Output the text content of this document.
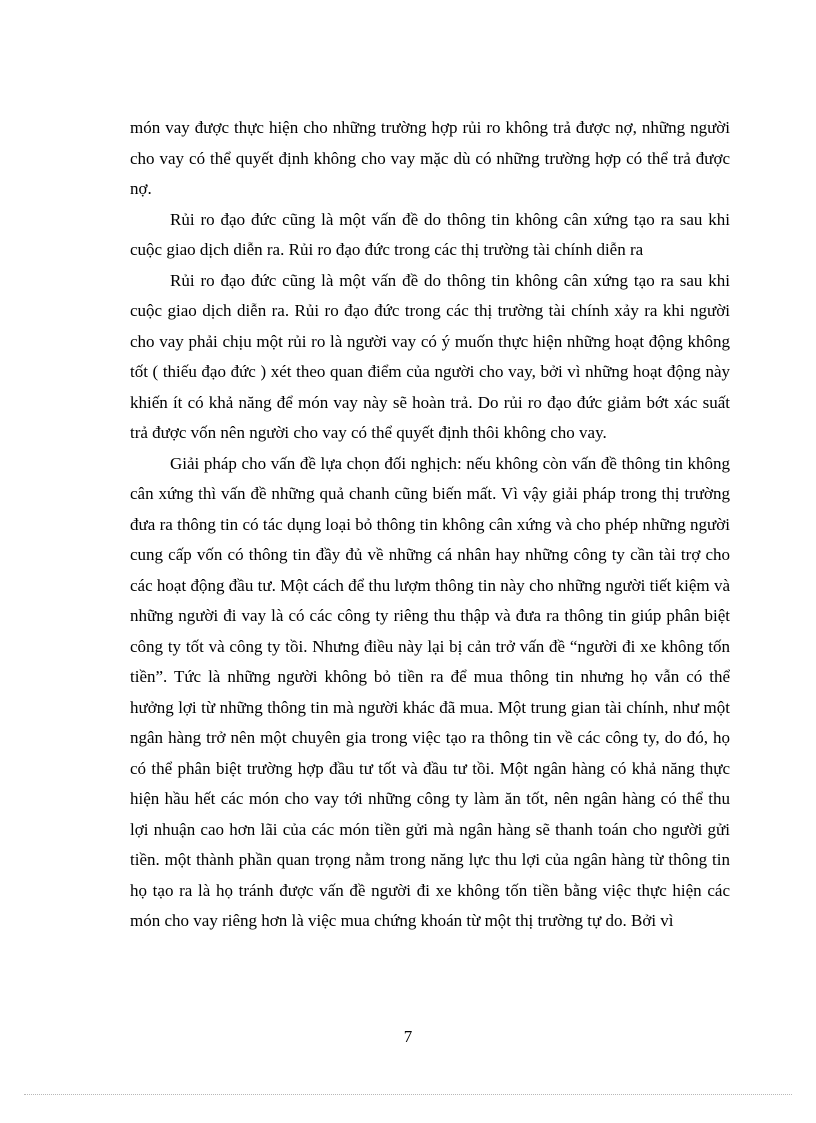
món vay được thực hiện cho những trường hợp rủi ro không trả được nợ, những người cho vay có thể quyết định không cho vay mặc dù có những trường hợp có thể trả được nợ.

Rủi ro đạo đức cũng là một vấn đề do thông tin không cân xứng tạo ra sau khi cuộc giao dịch diễn ra. Rủi ro đạo đức trong các thị trường tài chính diễn ra

Rủi ro đạo đức cũng là một vấn đề do thông tin không cân xứng tạo ra sau khi cuộc giao dịch diễn ra. Rủi ro đạo đức trong các thị trường tài chính xảy ra khi người cho vay phải chịu một rủi ro là người vay có ý muốn thực hiện những hoạt động không tốt ( thiếu đạo đức ) xét theo quan điểm của người cho vay, bởi vì những hoạt động này khiến ít có khả năng để món vay này sẽ hoàn trả. Do rủi ro đạo đức giảm bớt xác suất trả được vốn nên người cho vay có thể quyết định thôi không cho vay.

Giải pháp cho vấn đề lựa chọn đối nghịch: nếu không còn vấn đề thông tin không cân xứng thì vấn đề những quả chanh cũng biến mất. Vì vậy giải pháp trong thị trường đưa ra thông tin có tác dụng loại bỏ thông tin không cân xứng và cho phép những người cung cấp vốn có thông tin đầy đủ về những cá nhân hay những công ty cần tài trợ cho các hoạt động đầu tư. Một cách để thu lượm thông tin này cho những người tiết kiệm và những người đi vay là có các công ty riêng thu thập và đưa ra thông tin giúp phân biệt công ty tốt và công ty tồi. Nhưng điều này lại bị cản trở vấn đề “người đi xe không tốn tiền”. Tức là những người không bỏ tiền ra để mua thông tin nhưng họ vẫn có thể hưởng lợi từ những thông tin mà người khác đã mua. Một trung gian tài chính, như một ngân hàng trở nên một chuyên gia trong việc tạo ra thông tin về các công ty, do đó, họ có thể phân biệt trường hợp đầu tư tốt và đầu tư tồi. Một ngân hàng có khả năng thực hiện hầu hết các món cho vay tới những công ty làm ăn tốt, nên ngân hàng có thể thu lợi nhuận cao hơn lãi của các món tiền gửi mà ngân hàng sẽ thanh toán cho người gửi tiền. một thành phần quan trọng nằm trong năng lực thu lợi của ngân hàng từ thông tin họ tạo ra là họ tránh được vấn đề người đi xe không tốn tiền bằng việc thực hiện các món cho vay riêng hơn là việc mua chứng khoán từ một thị trường tự do. Bởi vì

7
